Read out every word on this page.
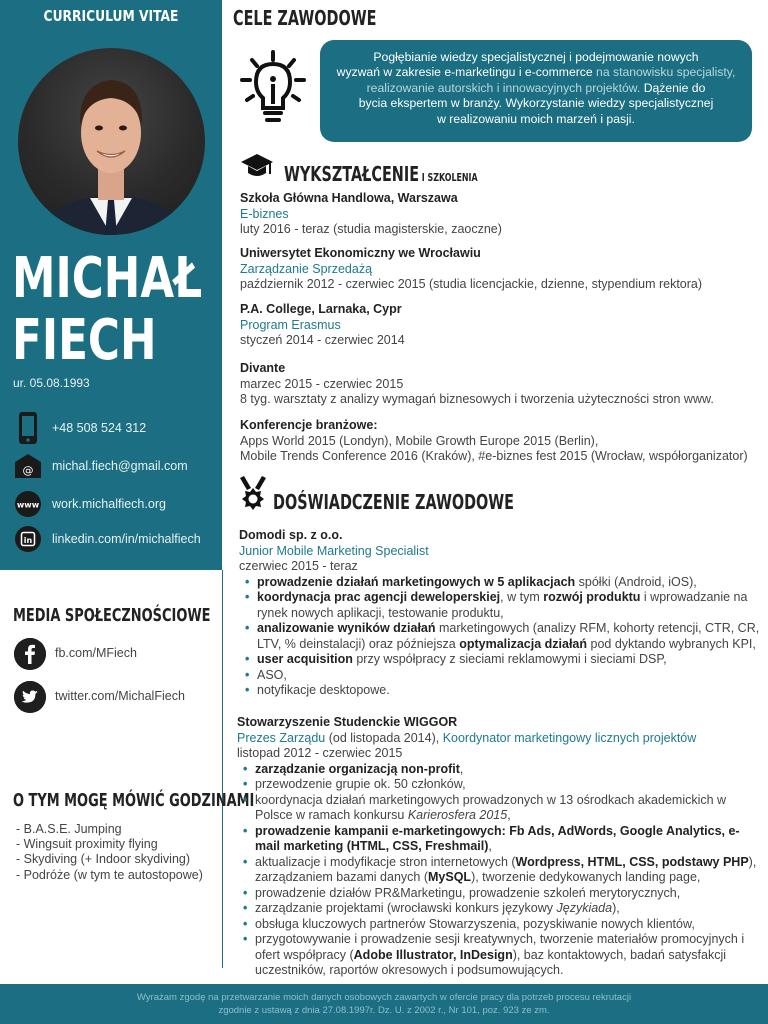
CURRICULUM VITAE
MICHAŁ
FIECH
ur. 05.08.1993
+48 508 524 312
@ michal.fiech@gmail.com
www work.michalfiech.org
in linkedin.com/in/michalfiech
MEDIA SPOŁECZNOŚCIOWE
fb.com/MFiech
twitter.com/MichalFiech
O TYM MOGĘ MÓWIĆ GODZINAMI
- B.A.S.E. Jumping
- Wingsuit proximity flying
- Skydiving (+ Indoor skydiving)
- Podróże (w tym te autostopowe)
CELE ZAWODOWE
Pogłębianie wiedzy specjalistycznej i podejmowanie nowych
wyzwań w zakresie e-marketingu i e-commerce na stanowisku specjalisty,
realizowanie autorskich i innowacyjnych projektów. Dążenie do
bycia ekspertem w branży. Wykorzystanie wiedzy specjalistycznej
w realizowaniu moich marzeń i pasji.
WYKSZTAŁCENIE I SZKOLENIA
Szkoła Główna Handlowa, Warszawa
E-biznes
luty 2016 - teraz (studia magisterskie, zaoczne)
Uniwersytet Ekonomiczny we Wrocławiu
Zarządzanie Sprzedażą
październik 2012 - czerwiec 2015 (studia licencjackie, dzienne, stypendium rektora)
P.A. College, Larnaka, Cypr
Program Erasmus
styczeń 2014 - czerwiec 2014
Divante
marzec 2015 - czerwiec 2015
8 tyg. warsztaty z analizy wymagań biznesowych i tworzenia użyteczności stron www.
Konferencje branżowe:
Apps World 2015 (Londyn), Mobile Growth Europe 2015 (Berlin),
Mobile Trends Conference 2016 (Kraków), #e-biznes fest 2015 (Wrocław, współorganizator)
DOŚWIADCZENIE ZAWODOWE
Domodi sp. z o.o.
Junior Mobile Marketing Specialist
czerwiec 2015 - teraz
• prowadzenie działań marketingowych w 5 aplikacjach spółki (Android, iOS),
• koordynacja prac agencji deweloperskiej, w tym rozwój produktu i wprowadzanie na rynek nowych aplikacji, testowanie produktu,
• analizowanie wyników działań marketingowych (analizy RFM, kohorty retencji, CTR, CR, LTV, % deinstalacji) oraz późniejsza optymalizacja działań pod dyktando wybranych KPI,
• user acquisition przy współpracy z sieciami reklamowymi i sieciami DSP,
• ASO,
• notyfikacje desktopowe.
Stowarzyszenie Studenckie WIGGOR
Prezes Zarządu (od listopada 2014), Koordynator marketingowy licznych projektów
listopad 2012 - czerwiec 2015
• zarządzanie organizacją non-profit,
• przewodzenie grupie ok. 50 członków,
• koordynacja działań marketingowych prowadzonych w 13 ośrodkach akademickich w Polsce w ramach konkursu Karierosfera 2015,
• prowadzenie kampanii e-marketingowych: Fb Ads, AdWords, Google Analytics, e-mail marketing (HTML, CSS, Freshmail),
• aktualizacje i modyfikacje stron internetowych (Wordpress, HTML, CSS, podstawy PHP), zarządzaniem bazami danych (MySQL), tworzenie dedykowanych landing page,
• prowadzenie działów PR&Marketingu, prowadzenie szkoleń merytorycznych,
• zarządzanie projektami (wrocławski konkurs językowy Językiada),
• obsługa kluczowych partnerów Stowarzyszenia, pozyskiwanie nowych klientów,
• przygotowywanie i prowadzenie sesji kreatywnych, tworzenie materiałów promocyjnych i ofert współpracy (Adobe Illustrator, InDesign), baz kontaktowych, badań satysfakcji uczestników, raportów okresowych i podsumowujących.
Wyrażam zgodę na przetwarzanie moich danych osobowych zawartych w ofercie pracy dla potrzeb procesu rekrutacji
zgodnie z ustawą z dnia 27.08.1997r. Dz. U. z 2002 r., Nr 101, poz. 923 ze zm.
